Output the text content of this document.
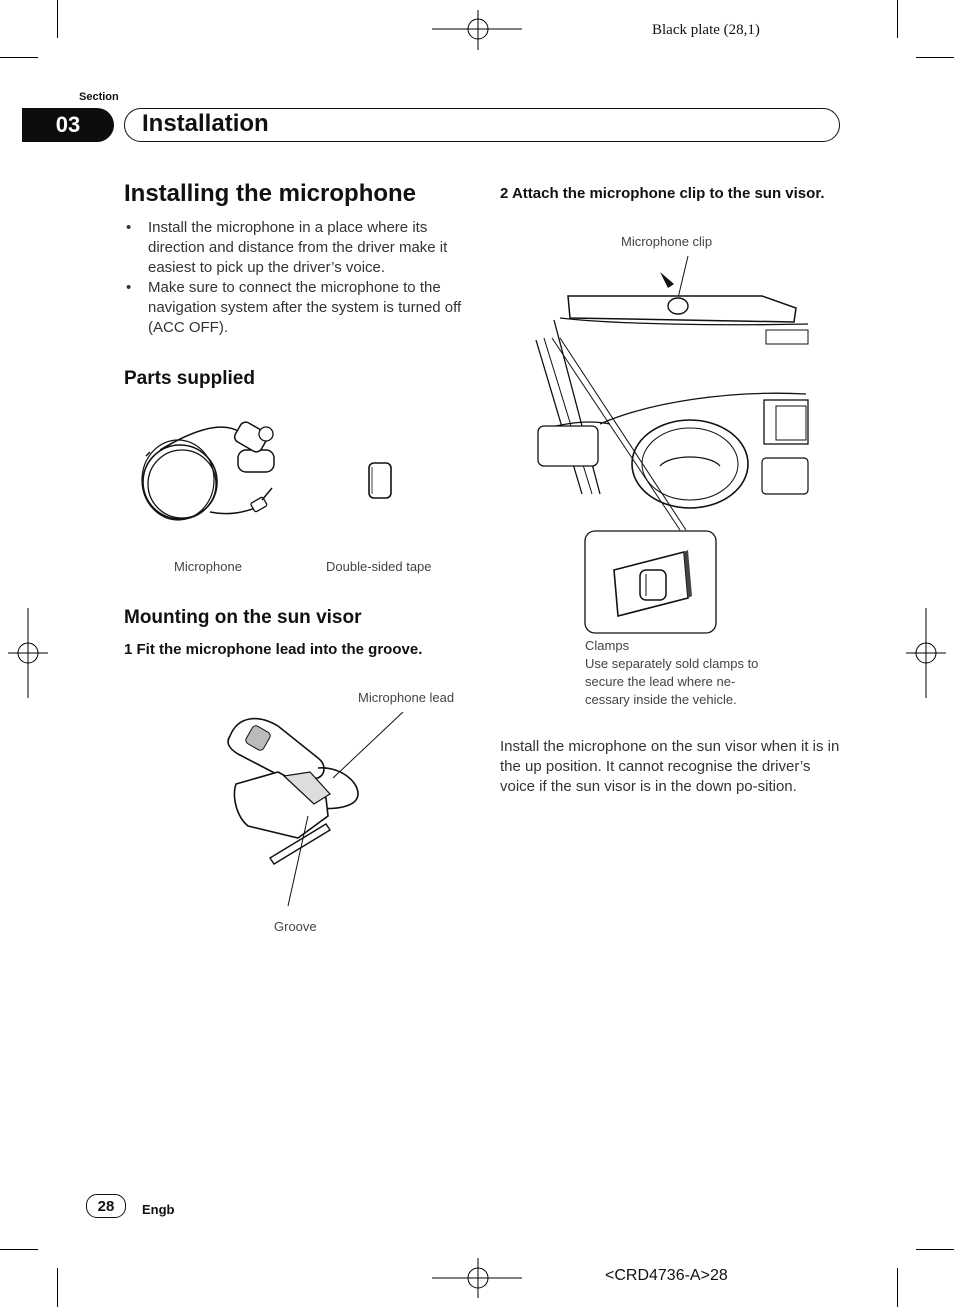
Black plate (28,1)
Section
03	Installation
Installing the microphone
• Install the microphone in a place where its direction and distance from the driver make it easiest to pick up the driver’s voice.
• Make sure to connect the microphone to the navigation system after the system is turned off (ACC OFF).
Parts supplied
Microphone	Double-sided tape
Mounting on the sun visor
1 Fit the microphone lead into the groove.
Microphone lead
Groove
2 Attach the microphone clip to the sun visor.
Microphone clip
Clamps
Use separately sold clamps to secure the lead where ne-cessary inside the vehicle.
Install the microphone on the sun visor when it is in the up position. It cannot recognise the driver’s voice if the sun visor is in the down po-sition.
28	Engb
<CRD4736-A>28
